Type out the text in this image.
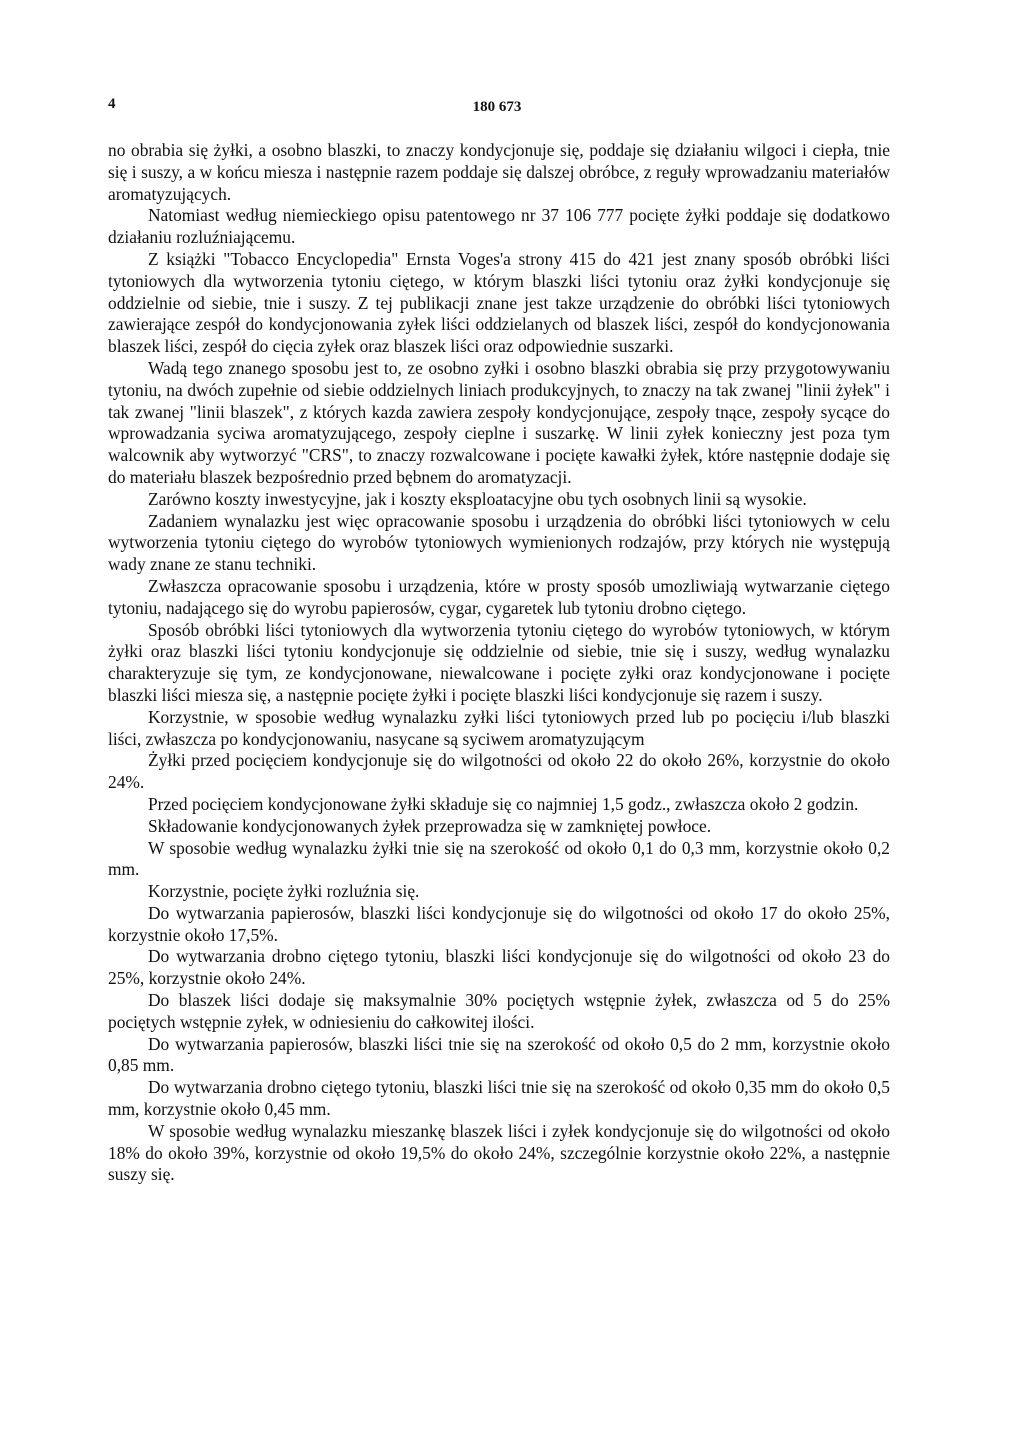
4	180 673

no obrabia się żyłki, a osobno blaszki, to znaczy kondycjonuje się, poddaje się działaniu wilgoci i ciepła, tnie się i suszy, a w końcu miesza i następnie razem poddaje się dalszej obróbce, z reguły wprowadzaniu materiałów aromatyzujących.

Natomiast według niemieckiego opisu patentowego nr 37 106 777 pocięte żyłki poddaje się dodatkowo działaniu rozluźniającemu.

Z książki "Tobacco Encyclopedia" Ernsta Voges'a strony 415 do 421 jest znany sposób obróbki liści tytoniowych dla wytworzenia tytoniu ciętego, w którym blaszki liści tytoniu oraz żyłki kondycjonuje się oddzielnie od siebie, tnie i suszy. Z tej publikacji znane jest takze urządzenie do obróbki liści tytoniowych zawierające zespół do kondycjonowania zyłek liści oddzielanych od blaszek liści, zespół do kondycjonowania blaszek liści, zespół do cięcia zyłek oraz blaszek liści oraz odpowiednie suszarki.

Wadą tego znanego sposobu jest to, ze osobno zyłki i osobno blaszki obrabia się przy przygotowywaniu tytoniu, na dwóch zupełnie od siebie oddzielnych liniach produkcyjnych, to znaczy na tak zwanej "linii żyłek" i tak zwanej "linii blaszek", z których kazda zawiera zespoły kondycjonujące, zespoły tnące, zespoły sycące do wprowadzania syciwa aromatyzującego, zespoły cieplne i suszarkę. W linii zyłek konieczny jest poza tym walcownik aby wytworzyć "CRS", to znaczy rozwalcowane i pocięte kawałki żyłek, które następnie dodaje się do materiału blaszek bezpośrednio przed bębnem do aromatyzacji.

Zarówno koszty inwestycyjne, jak i koszty eksploatacyjne obu tych osobnych linii są wysokie.

Zadaniem wynalazku jest więc opracowanie sposobu i urządzenia do obróbki liści tytoniowych w celu wytworzenia tytoniu ciętego do wyrobów tytoniowych wymienionych rodzajów, przy których nie występują wady znane ze stanu techniki.

Zwłaszcza opracowanie sposobu i urządzenia, które w prosty sposób umozliwiają wytwarzanie ciętego tytoniu, nadającego się do wyrobu papierosów, cygar, cygaretek lub tytoniu drobno ciętego.

Sposób obróbki liści tytoniowych dla wytworzenia tytoniu ciętego do wyrobów tytoniowych, w którym żyłki oraz blaszki liści tytoniu kondycjonuje się oddzielnie od siebie, tnie się i suszy, według wynalazku charakteryzuje się tym, ze kondycjonowane, niewalcowane i pocięte zyłki oraz kondycjonowane i pocięte blaszki liści miesza się, a następnie pocięte żyłki i pocięte blaszki liści kondycjonuje się razem i suszy.

Korzystnie, w sposobie według wynalazku zyłki liści tytoniowych przed lub po pocięciu i/lub blaszki liści, zwłaszcza po kondycjonowaniu, nasycane są syciwem aromatyzującym

Żyłki przed pocięciem kondycjonuje się do wilgotności od około 22 do około 26%, korzystnie do około 24%.

Przed pocięciem kondycjonowane żyłki składuje się co najmniej 1,5 godz., zwłaszcza około 2 godzin.

Składowanie kondycjonowanych żyłek przeprowadza się w zamkniętej powłoce.

W sposobie według wynalazku żyłki tnie się na szerokość od około 0,1 do 0,3 mm, korzystnie około 0,2 mm.

Korzystnie, pocięte żyłki rozluźnia się.

Do wytwarzania papierosów, blaszki liści kondycjonuje się do wilgotności od około 17 do około 25%, korzystnie około 17,5%.

Do wytwarzania drobno ciętego tytoniu, blaszki liści kondycjonuje się do wilgotności od około 23 do 25%, korzystnie około 24%.

Do blaszek liści dodaje się maksymalnie 30% pociętych wstępnie żyłek, zwłaszcza od 5 do 25% pociętych wstępnie zyłek, w odniesieniu do całkowitej ilości.

Do wytwarzania papierosów, blaszki liści tnie się na szerokość od około 0,5 do 2 mm, korzystnie około 0,85 mm.

Do wytwarzania drobno ciętego tytoniu, blaszki liści tnie się na szerokość od około 0,35 mm do około 0,5 mm, korzystnie około 0,45 mm.

W sposobie według wynalazku mieszankę blaszek liści i zyłek kondycjonuje się do wilgotności od około 18% do około 39%, korzystnie od około 19,5% do około 24%, szczególnie korzystnie około 22%, a następnie suszy się.
